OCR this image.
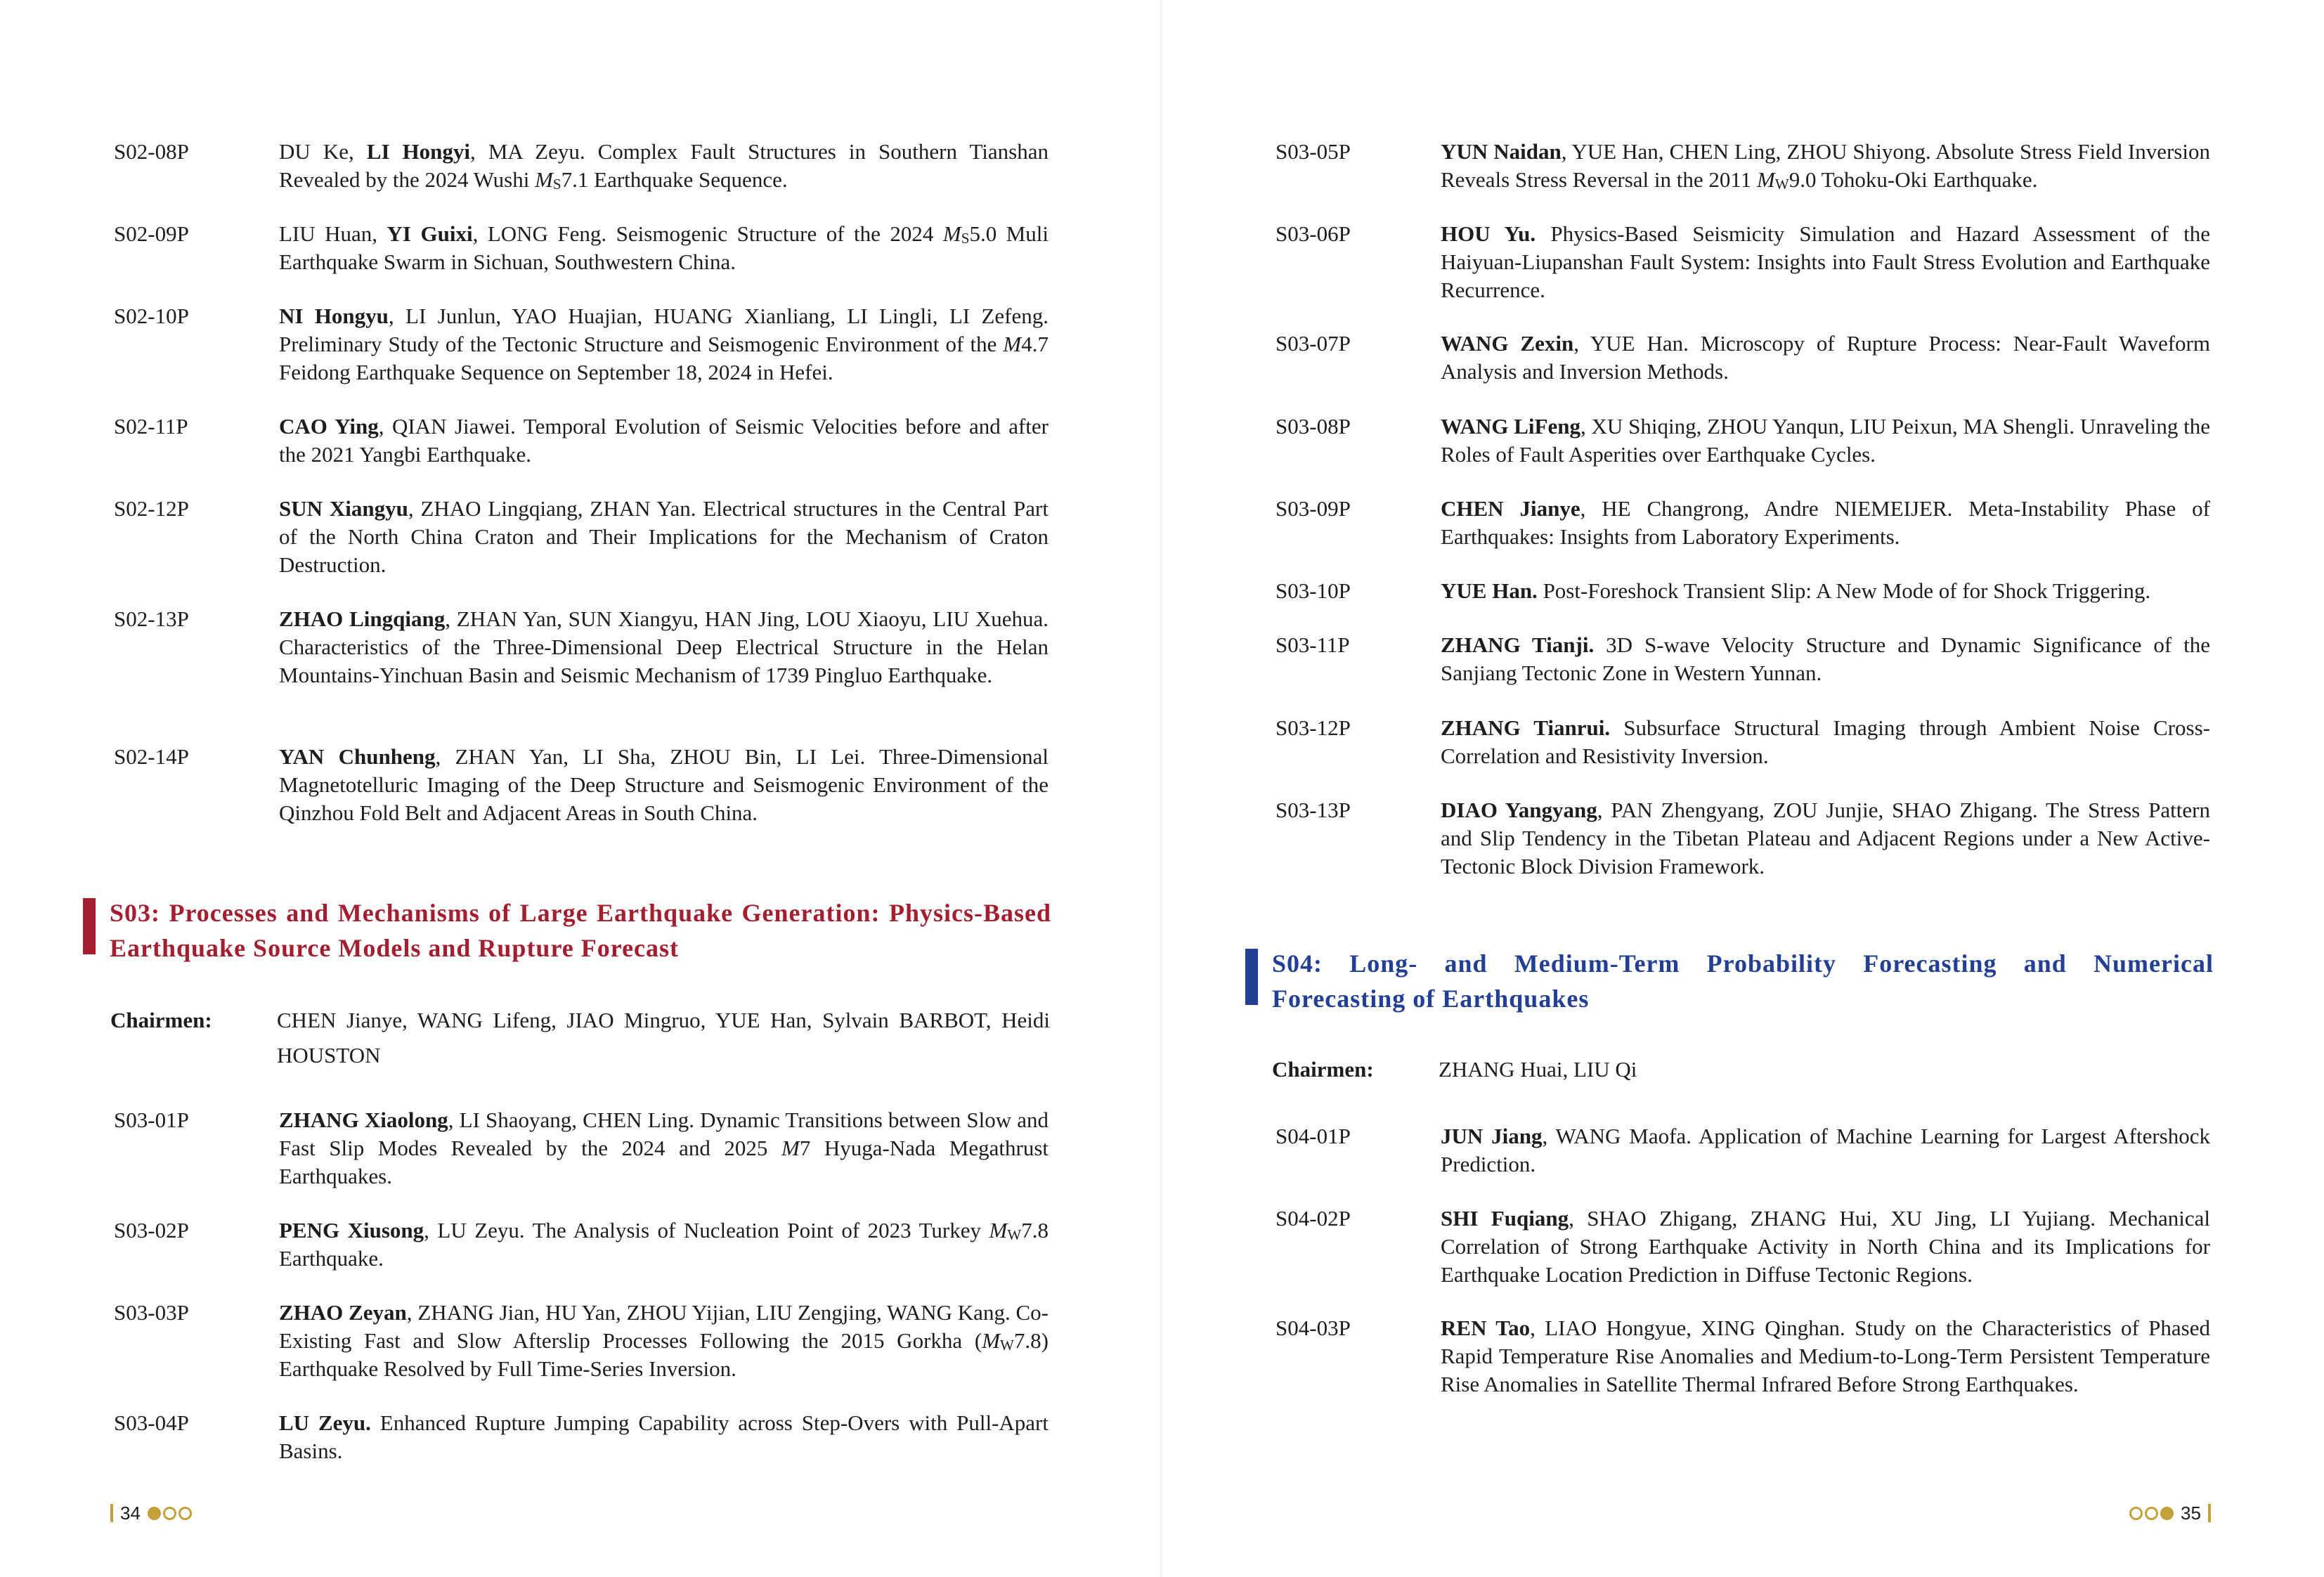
S02-08P	DU Ke, LI Hongyi, MA Zeyu. Complex Fault Structures in Southern Tianshan Revealed by the 2024 Wushi $M_S7.1$ Earthquake Sequence.
S02-09P	LIU Huan, YI Guixi, LONG Feng. Seismogenic Structure of the 2024 $M_S5.0$ Muli Earthquake Swarm in Sichuan, Southwestern China.
S02-10P	NI Hongyu, LI Junlun, YAO Huajian, HUANG Xianliang, LI Lingli, LI Zefeng. Preliminary Study of the Tectonic Structure and Seismogenic Environment of the M4.7 Feidong Earthquake Sequence on September 18, 2024 in Hefei.
S02-11P	CAO Ying, QIAN Jiawei. Temporal Evolution of Seismic Velocities before and after the 2021 Yangbi Earthquake.
S02-12P	SUN Xiangyu, ZHAO Lingqiang, ZHAN Yan. Electrical structures in the Central Part of the North China Craton and Their Implications for the Mechanism of Craton Destruction.
S02-13P	ZHAO Lingqiang, ZHAN Yan, SUN Xiangyu, HAN Jing, LOU Xiaoyu, LIU Xuehua. Characteristics of the Three-Dimensional Deep Electrical Structure in the Helan Mountains-Yinchuan Basin and Seismic Mechanism of 1739 Pingluo Earthquake.
S02-14P	YAN Chunheng, ZHAN Yan, LI Sha, ZHOU Bin, LI Lei. Three-Dimensional Magnetotelluric Imaging of the Deep Structure and Seismogenic Environment of the Qinzhou Fold Belt and Adjacent Areas in South China.
S03: Processes and Mechanisms of Large Earthquake Generation: Physics-Based Earthquake Source Models and Rupture Forecast
Chairmen:	CHEN Jianye, WANG Lifeng, JIAO Mingruo, YUE Han, Sylvain BARBOT, Heidi HOUSTON
S03-01P	ZHANG Xiaolong, LI Shaoyang, CHEN Ling. Dynamic Transitions between Slow and Fast Slip Modes Revealed by the 2024 and 2025 M7 Hyuga-Nada Megathrust Earthquakes.
S03-02P	PENG Xiusong, LU Zeyu. The Analysis of Nucleation Point of 2023 Turkey $M_W7.8$ Earthquake.
S03-03P	ZHAO Zeyan, ZHANG Jian, HU Yan, ZHOU Yijian, LIU Zengjing, WANG Kang. Co-Existing Fast and Slow Afterslip Processes Following the 2015 Gorkha $(M_W7.8)$ Earthquake Resolved by Full Time-Series Inversion.
S03-04P	LU Zeyu. Enhanced Rupture Jumping Capability across Step-Overs with Pull-Apart Basins.
34
S03-05P	YUN Naidan, YUE Han, CHEN Ling, ZHOU Shiyong. Absolute Stress Field Inversion Reveals Stress Reversal in the 2011 $M_W9.0$ Tohoku-Oki Earthquake.
S03-06P	HOU Yu. Physics-Based Seismicity Simulation and Hazard Assessment of the Haiyuan-Liupanshan Fault System: Insights into Fault Stress Evolution and Earthquake Recurrence.
S03-07P	WANG Zexin, YUE Han. Microscopy of Rupture Process: Near-Fault Waveform Analysis and Inversion Methods.
S03-08P	WANG LiFeng, XU Shiqing, ZHOU Yanqun, LIU Peixun, MA Shengli. Unraveling the Roles of Fault Asperities over Earthquake Cycles.
S03-09P	CHEN Jianye, HE Changrong, Andre NIEMEIJER. Meta-Instability Phase of Earthquakes: Insights from Laboratory Experiments.
S03-10P	YUE Han. Post-Foreshock Transient Slip: A New Mode of for Shock Triggering.
S03-11P	ZHANG Tianji. 3D S-wave Velocity Structure and Dynamic Significance of the Sanjiang Tectonic Zone in Western Yunnan.
S03-12P	ZHANG Tianrui. Subsurface Structural Imaging through Ambient Noise Cross-Correlation and Resistivity Inversion.
S03-13P	DIAO Yangyang, PAN Zhengyang, ZOU Junjie, SHAO Zhigang. The Stress Pattern and Slip Tendency in the Tibetan Plateau and Adjacent Regions under a New Active-Tectonic Block Division Framework.
S04: Long- and Medium-Term Probability Forecasting and Numerical Forecasting of Earthquakes
Chairmen:	ZHANG Huai, LIU Qi
S04-01P	JUN Jiang, WANG Maofa. Application of Machine Learning for Largest Aftershock Prediction.
S04-02P	SHI Fuqiang, SHAO Zhigang, ZHANG Hui, XU Jing, LI Yujiang. Mechanical Correlation of Strong Earthquake Activity in North China and its Implications for Earthquake Location Prediction in Diffuse Tectonic Regions.
S04-03P	REN Tao, LIAO Hongyue, XING Qinghan. Study on the Characteristics of Phased Rapid Temperature Rise Anomalies and Medium-to-Long-Term Persistent Temperature Rise Anomalies in Satellite Thermal Infrared Before Strong Earthquakes.
35
